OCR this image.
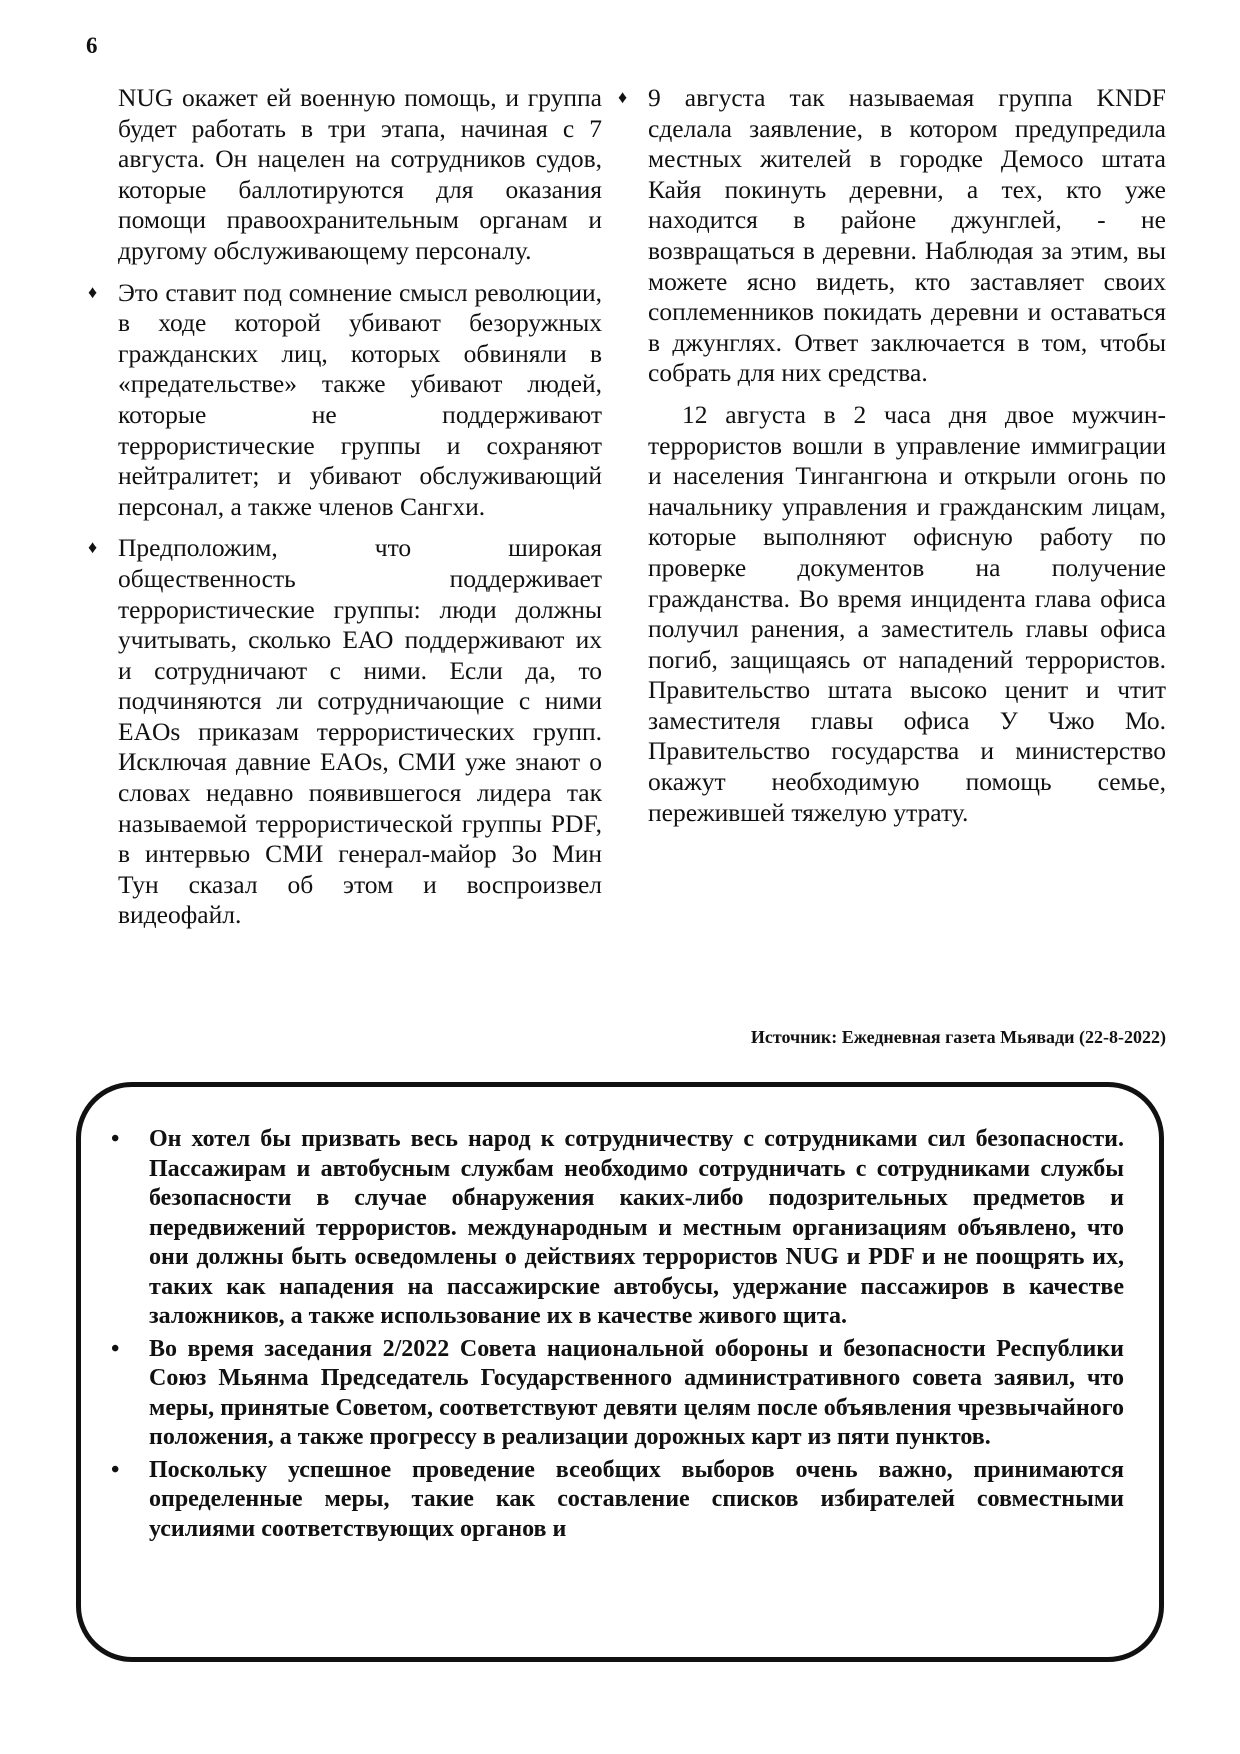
6

NUG окажет ей военную помощь, и группа будет работать в три этапа, начиная с 7 августа. Он нацелен на сотрудников судов, которые баллотируются для оказания помощи правоохранительным органам и другому обслуживающему персоналу.

♦ Это ставит под сомнение смысл революции, в ходе которой убивают безоружных гражданских лиц, которых обвиняли в «предательстве» также убивают людей, которые не поддерживают террористические группы и сохраняют нейтралитет; и убивают обслуживающий персонал, а также членов Сангхи.
♦ Предположим, что широкая общественность поддерживает террористические группы: люди должны учитывать, сколько ЕАО поддерживают их и сотрудничают с ними. Если да, то подчиняются ли сотрудничающие с ними EAOs приказам террористических групп. Исключая давние EAOs, СМИ уже знают о словах недавно появившегося лидера так называемой террористической группы PDF, в интервью СМИ генерал-майор Зо Мин Тун сказал об этом и воспроизвел видеофайл.
♦ 9 августа так называемая группа KNDF сделала заявление, в котором предупредила местных жителей в городке Демосо штата Кайя покинуть деревни, а тех, кто уже находится в районе джунглей, - не возвращаться в деревни. Наблюдая за этим, вы можете ясно видеть, кто заставляет своих соплеменников покидать деревни и оставаться в джунглях. Ответ заключается в том, чтобы собрать для них средства.

12 августа в 2 часа дня двое мужчин-террористов вошли в управление иммиграции и населения Тингангюна и открыли огонь по начальнику управления и гражданским лицам, которые выполняют офисную работу по проверке документов на получение гражданства. Во время инцидента глава офиса получил ранения, а заместитель главы офиса погиб, защищаясь от нападений террористов. Правительство штата высоко ценит и чтит заместителя главы офиса У Чжо Мо. Правительство государства и министерство окажут необходимую помощь семье, пережившей тяжелую утрату.

Источник: Ежедневная газета Мьявади (22-8-2022)
• Он хотел бы призвать весь народ к сотрудничеству с сотрудниками сил безопасности. Пассажирам и автобусным службам необходимо сотрудничать с сотрудниками службы безопасности в случае обнаружения каких-либо подозрительных предметов и передвижений террористов. международным и местным организациям объявлено, что они должны быть осведомлены о действиях террористов NUG и PDF и не поощрять их, таких как нападения на пассажирские автобусы, удержание пассажиров в качестве заложников, а также использование их в качестве живого щита.
• Во время заседания 2/2022 Совета национальной обороны и безопасности Республики Союз Мьянма Председатель Государственного административного совета заявил, что меры, принятые Советом, соответствуют девяти целям после объявления чрезвычайного положения, а также прогрессу в реализации дорожных карт из пяти пунктов.
• Поскольку успешное проведение всеобщих выборов очень важно, принимаются определенные меры, такие как составление списков избирателей совместными усилиями соответствующих органов и
